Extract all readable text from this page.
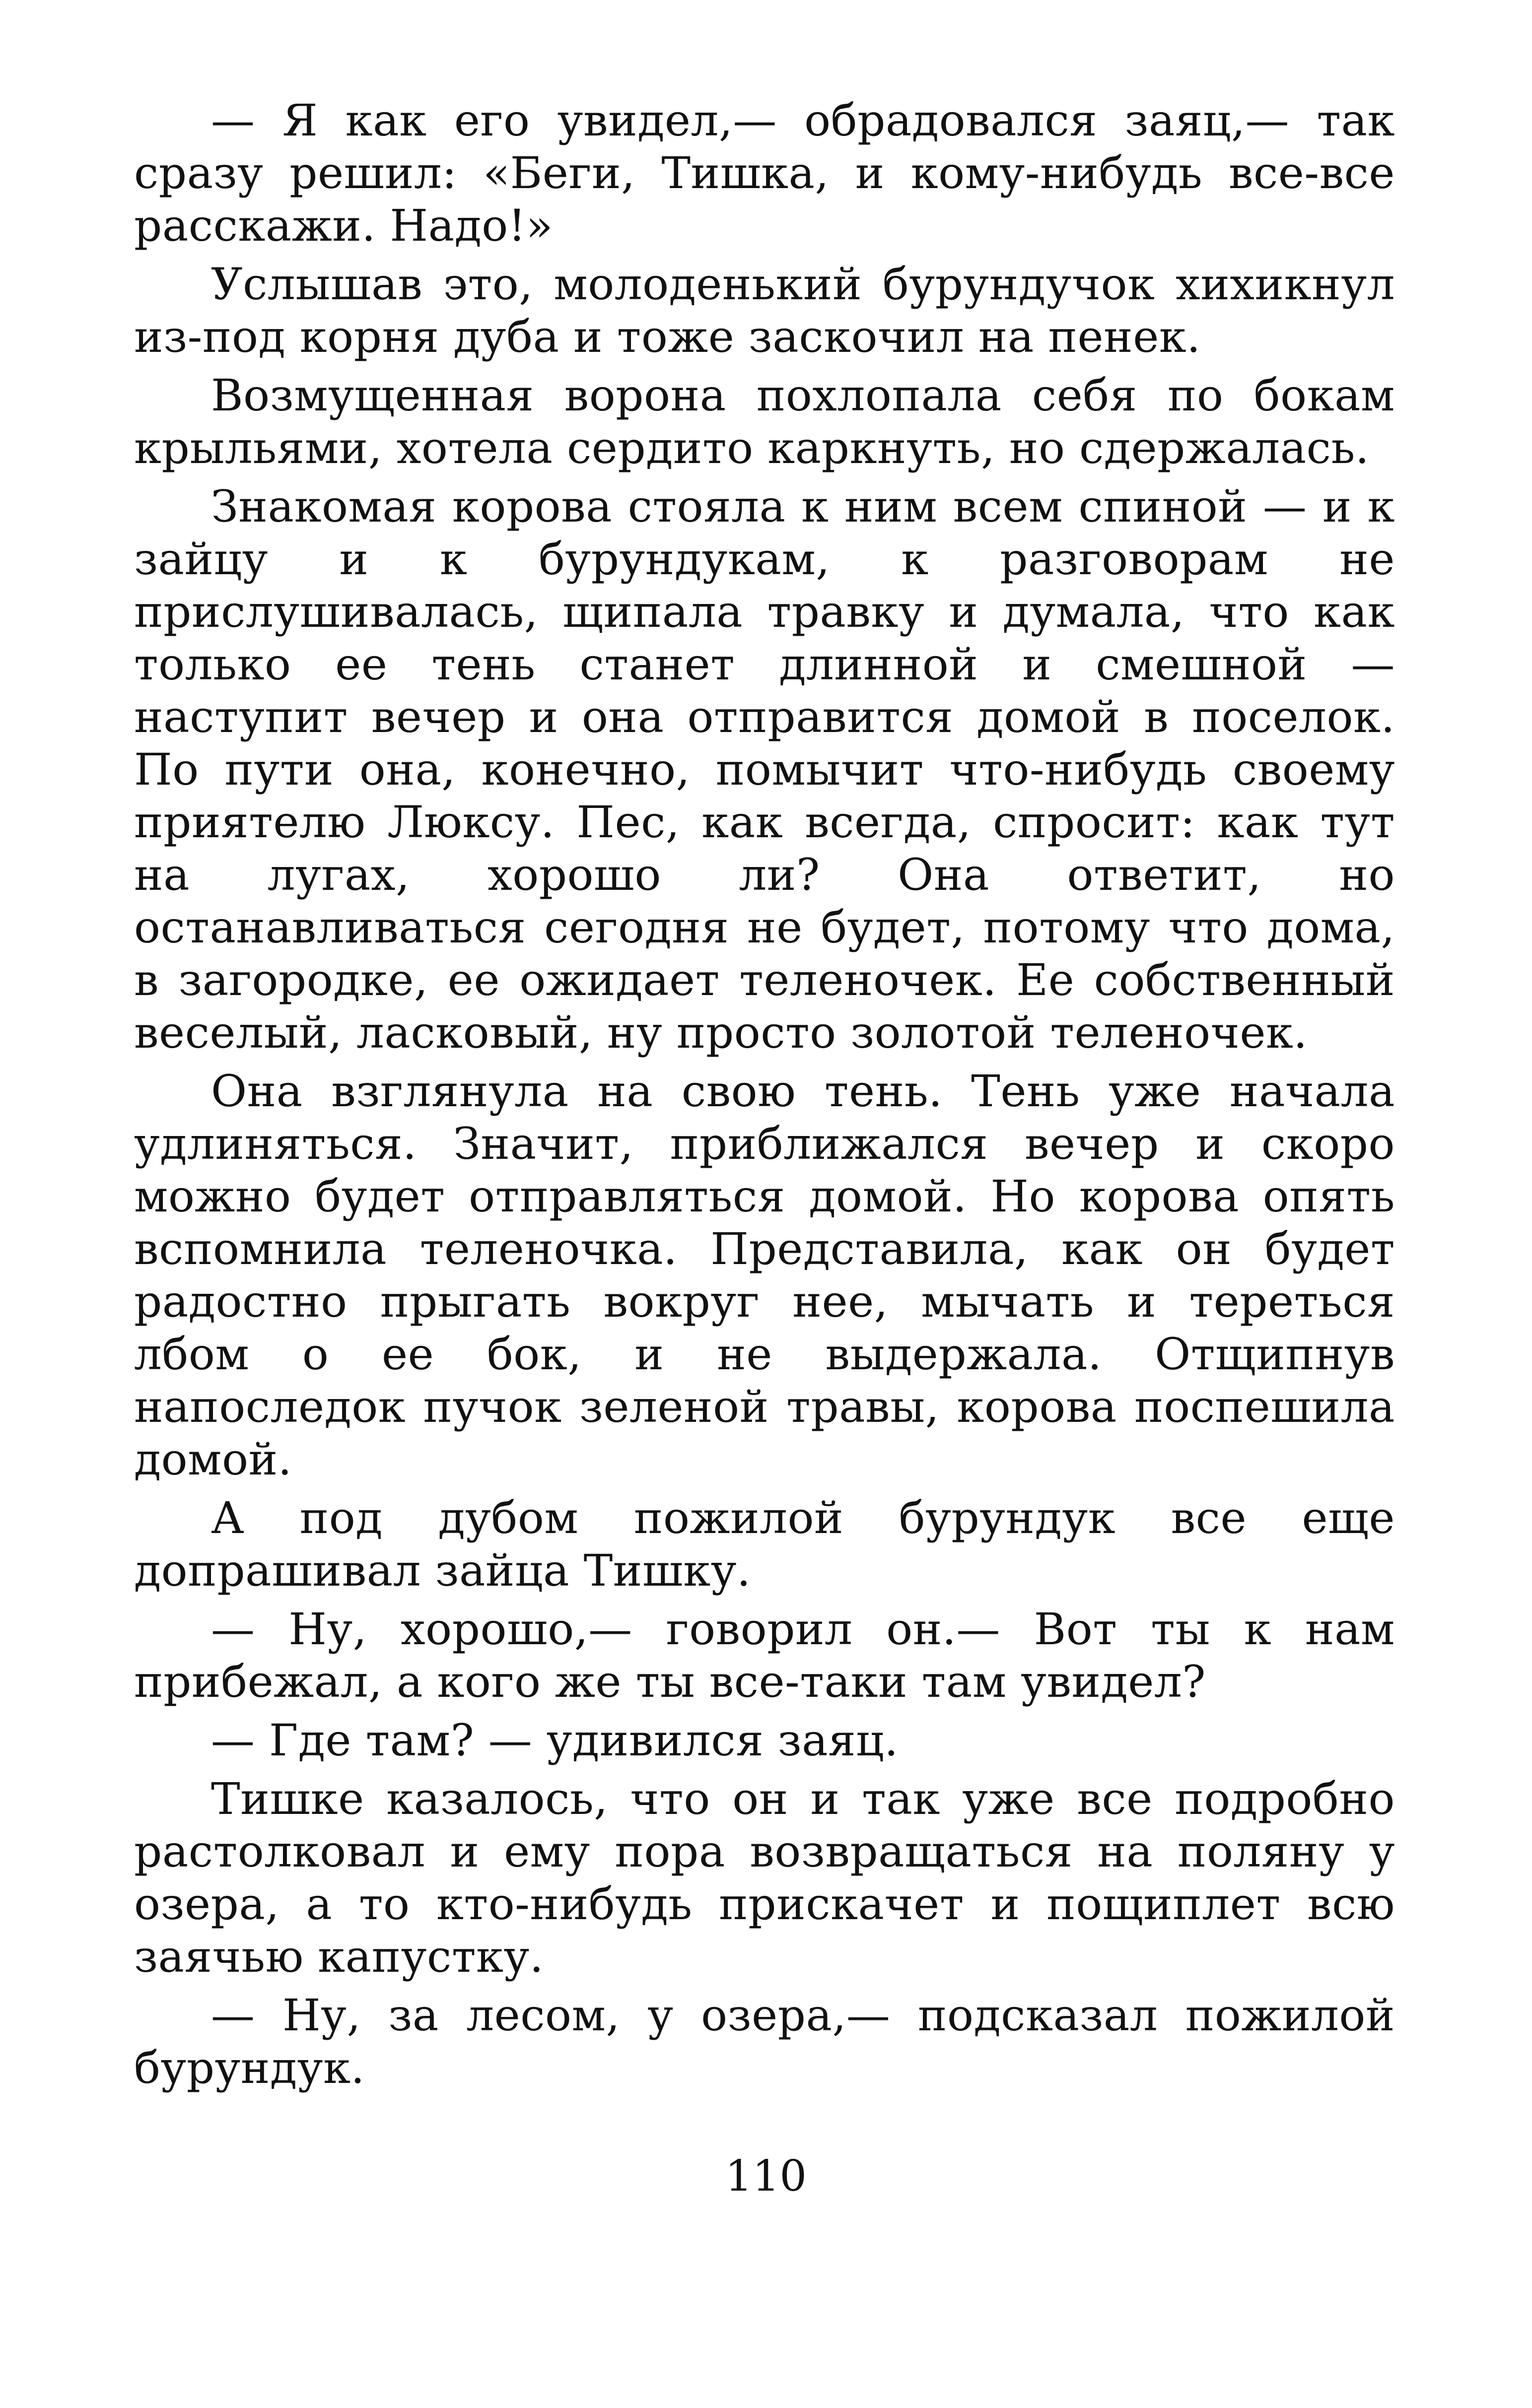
— Я как его увидел,— обрадовался заяц,— так сразу решил: «Беги, Тишка, и кому-нибудь все-все расскажи. Надо!»

Услышав это, молоденький бурундучок хихикнул из-под корня дуба и тоже заскочил на пенек.

Возмущенная ворона похлопала себя по бокам крыльями, хотела сердито каркнуть, но сдержалась.

Знакомая корова стояла к ним всем спиной — и к зайцу и к бурундукам, к разговорам не прислушивалась, щипала травку и думала, что как только ее тень станет длинной и смешной — наступит вечер и она отправится домой в поселок. По пути она, конечно, помычит что-нибудь своему приятелю Люксу. Пес, как всегда, спросит: как тут на лугах, хорошо ли? Она ответит, но останавливаться сегодня не будет, потому что дома, в загородке, ее ожидает теленочек. Ее собственный веселый, ласковый, ну просто золотой теленочек.

Она взглянула на свою тень. Тень уже начала удлиняться. Значит, приближался вечер и скоро можно будет отправляться домой. Но корова опять вспомнила теленочка. Представила, как он будет радостно прыгать вокруг нее, мычать и тереться лбом о ее бок, и не выдержала. Отщипнув напоследок пучок зеленой травы, корова поспешила домой.

А под дубом пожилой бурундук все еще допрашивал зайца Тишку.

— Ну, хорошо,— говорил он.— Вот ты к нам прибежал, а кого же ты все-таки там увидел?

— Где там? — удивился заяц.

Тишке казалось, что он и так уже все подробно растолковал и ему пора возвращаться на поляну у озера, а то кто-нибудь прискачет и пощиплет всю заячью капустку.

— Ну, за лесом, у озера,— подсказал пожилой бурундук.

110
